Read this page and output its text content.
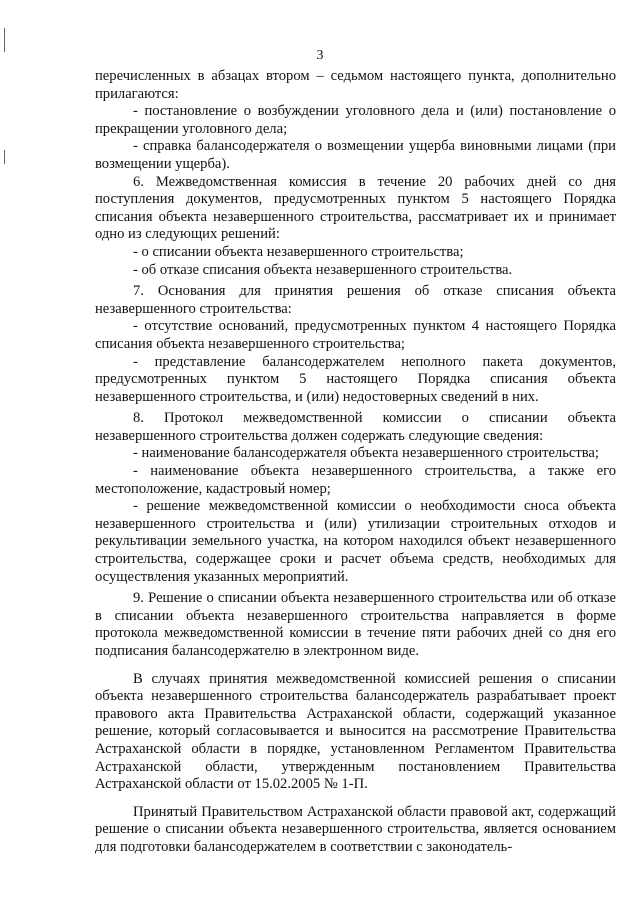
3

перечисленных в абзацах втором – седьмом настоящего пункта, дополнительно прилагаются:

- постановление о возбуждении уголовного дела и (или) постановление о прекращении уголовного дела;

- справка балансодержателя о возмещении ущерба виновными лицами (при возмещении ущерба).

6. Межведомственная комиссия в течение 20 рабочих дней со дня поступления документов, предусмотренных пунктом 5 настоящего Порядка списания объекта незавершенного строительства, рассматривает их и принимает одно из следующих решений:

- о списании объекта незавершенного строительства;

- об отказе списания объекта незавершенного строительства.

7. Основания для принятия решения об отказе списания объекта незавершенного строительства:

- отсутствие оснований, предусмотренных пунктом 4 настоящего Порядка списания объекта незавершенного строительства;

- представление балансодержателем неполного пакета документов, предусмотренных пунктом 5 настоящего Порядка списания объекта незавершенного строительства, и (или) недостоверных сведений в них.

8. Протокол межведомственной комиссии о списании объекта незавершенного строительства должен содержать следующие сведения:

- наименование балансодержателя объекта незавершенного строительства;

- наименование объекта незавершенного строительства, а также его местоположение, кадастровый номер;

- решение межведомственной комиссии о необходимости сноса объекта незавершенного строительства и (или) утилизации строительных отходов и рекультивации земельного участка, на котором находился объект незавершенного строительства, содержащее сроки и расчет объема средств, необходимых для осуществления указанных мероприятий.

9. Решение о списании объекта незавершенного строительства или об отказе в списании объекта незавершенного строительства направляется в форме протокола межведомственной комиссии в течение пяти рабочих дней со дня его подписания балансодержателю в электронном виде.

В случаях принятия межведомственной комиссией решения о списании объекта незавершенного строительства балансодержатель разрабатывает проект правового акта Правительства Астраханской области, содержащий указанное решение, который согласовывается и выносится на рассмотрение Правительства Астраханской области в порядке, установленном Регламентом Правительства Астраханской области, утвержденным постановлением Правительства Астраханской области от 15.02.2005 № 1-П.

Принятый Правительством Астраханской области правовой акт, содержащий решение о списании объекта незавершенного строительства, является основанием для подготовки балансодержателем в соответствии с законодатель-
